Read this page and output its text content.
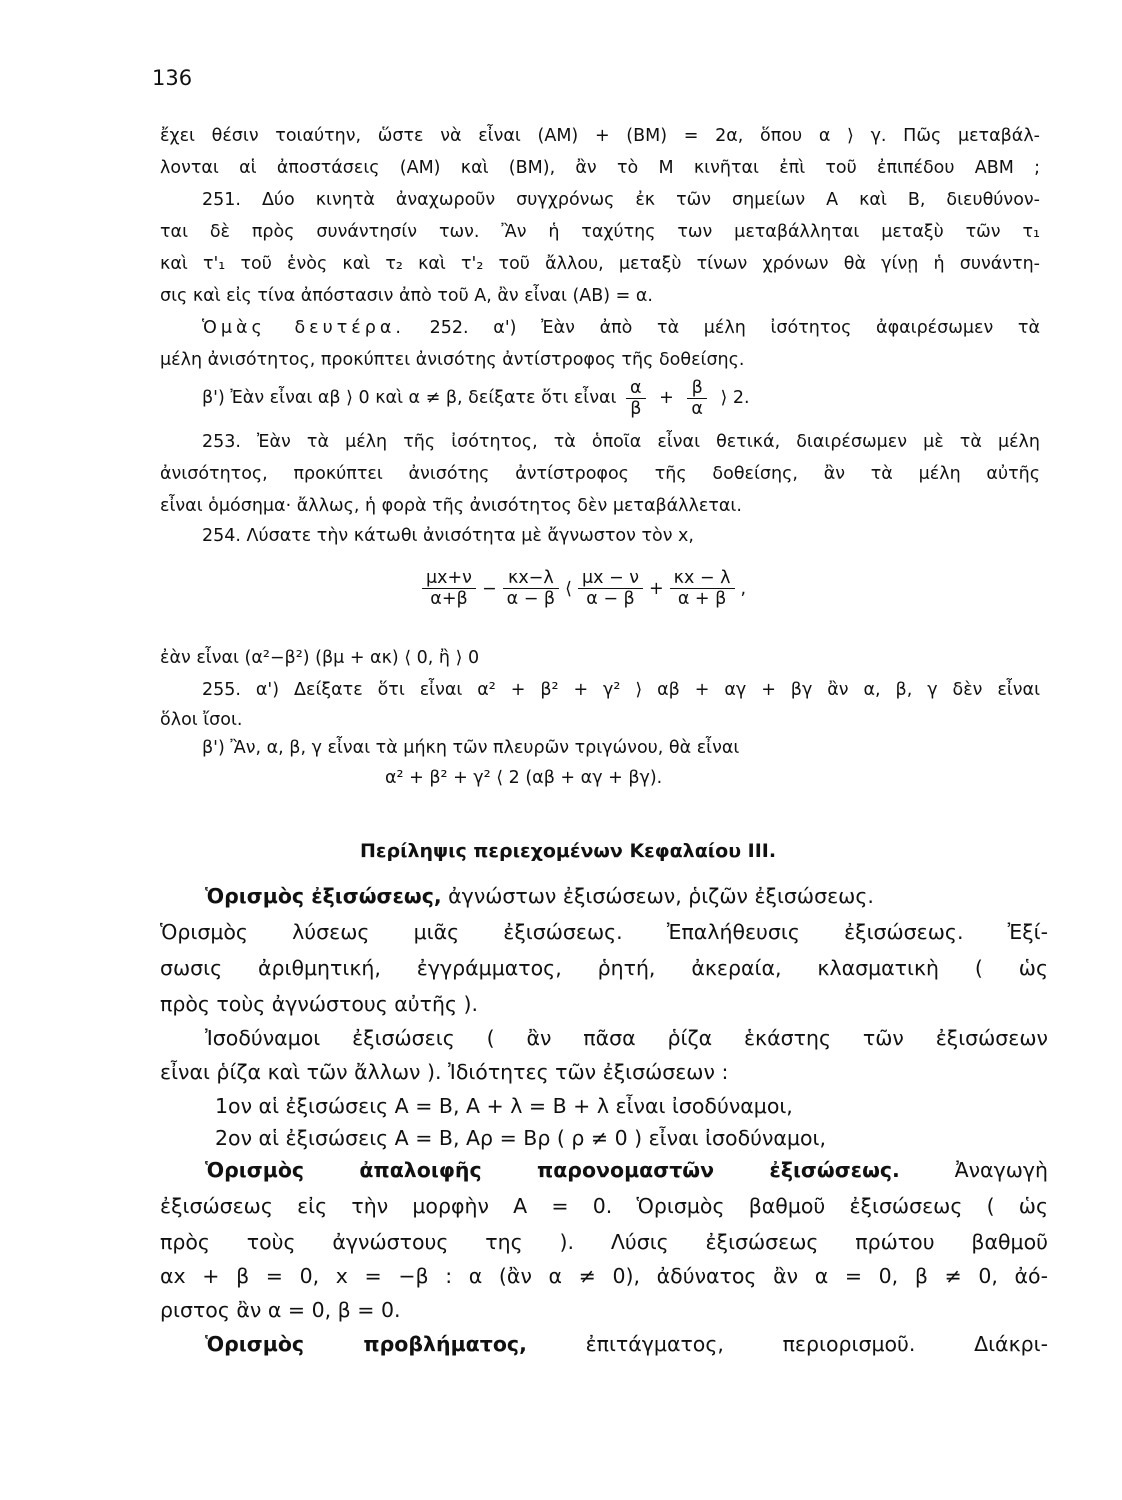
136
ἔχει θέσιν τοιαύτην, ὥστε νὰ εἶναι (AM) + (BM) = 2α, ὅπου α ⟩ γ. Πῶς μεταβάλ-
λονται αἱ ἀποστάσεις (AM) καὶ (BM), ἂν τὸ M κινῆται ἐπὶ τοῦ ἐπιπέδου ABM ;
251. Δύο κινητὰ ἀναχωροῦν συγχρόνως ἐκ τῶν σημείων A καὶ B, διευθύνον-
ται δὲ πρὸς συνάντησίν των. Ἂν ἡ ταχύτης των μεταβάλληται μεταξὺ τῶν τ₁
καὶ τ'₁ τοῦ ἑνὸς καὶ τ₂ καὶ τ'₂ τοῦ ἄλλου, μεταξὺ τίνων χρόνων θὰ γίνῃ ἡ συνάντη-
σις καὶ εἰς τίνα ἀπόστασιν ἀπὸ τοῦ A, ἂν εἶναι (AB) = α.
Ὁμὰς δευτέρα. 252. α') Ἐὰν ἀπὸ τὰ μέλη ἰσότητος ἀφαιρέσωμεν τὰ
μέλη ἀνισότητος, προκύπτει ἀνισότης ἀντίστροφος τῆς δοθείσης.
β') Ἐὰν εἶναι αβ ⟩ 0 καὶ α ≠ β, δείξατε ὅτι εἶναι $\frac{\alpha}{\beta} + \frac{\beta}{\alpha}$ ⟩ 2.
253. Ἐὰν τὰ μέλη τῆς ἰσότητος, τὰ ὁποῖα εἶναι θετικά, διαιρέσωμεν μὲ τὰ μέλη
ἀνισότητος, προκύπτει ἀνισότης ἀντίστροφος τῆς δοθείσης, ἂν τὰ μέλη αὐτῆς
εἶναι ὁμόσημα· ἄλλως, ἡ φορὰ τῆς ἀνισότητος δὲν μεταβάλλεται.
254. Λύσατε τὴν κάτωθι ἀνισότητα μὲ ἄγνωστον τὸν x,
$\frac{\mu x+\nu}{\alpha+\beta} - \frac{\kappa x-\lambda}{\alpha - \beta}$ ⟨ $\frac{\mu x - \nu}{\alpha - \beta} + \frac{\kappa x - \lambda}{\alpha + \beta}$ ,
ἐὰν εἶναι (α²−β²) (βμ + ακ) ⟨ 0, ἢ ⟩ 0
255. α') Δείξατε ὅτι εἶναι α² + β² + γ² ⟩ αβ + αγ + βγ ἂν α, β, γ δὲν εἶναι
ὅλοι ἴσοι.
β') Ἂν, α, β, γ εἶναι τὰ μήκη τῶν πλευρῶν τριγώνου, θὰ εἶναι
α² + β² + γ² ⟨ 2 (αβ + αγ + βγ).
Περίληψις περιεχομένων Κεφαλαίου III.
Ὁρισμὸς ἐξισώσεως, ἀγνώστων ἐξισώσεων, ῥιζῶν ἐξισώσεως.
Ὁρισμὸς λύσεως μιᾶς ἐξισώσεως. Ἐπαλήθευσις ἐξισώσεως. Ἐξί-
σωσις ἀριθμητική, ἐγγράμματος, ῥητή, ἀκεραία, κλασματικὴ ( ὡς
πρὸς τοὺς ἀγνώστους αὐτῆς ).
Ἰσοδύναμοι ἐξισώσεις ( ἂν πᾶσα ῥίζα ἑκάστης τῶν ἐξισώσεων
εἶναι ῥίζα καὶ τῶν ἄλλων ). Ἰδιότητες τῶν ἐξισώσεων :
1ον αἱ ἐξισώσεις A = B, A + λ = B + λ εἶναι ἰσοδύναμοι,
2ον αἱ ἐξισώσεις A = B, Aρ = Bρ ( ρ ≠ 0 ) εἶναι ἰσοδύναμοι,
Ὁρισμὸς ἀπαλοιφῆς παρονομαστῶν ἐξισώσεως. Ἀναγωγὴ
ἐξισώσεως εἰς τὴν μορφὴν A = 0. Ὁρισμὸς βαθμοῦ ἐξισώσεως ( ὡς
πρὸς τοὺς ἀγνώστους της ). Λύσις ἐξισώσεως πρώτου βαθμοῦ
αx + β = 0, x = −β : α (ἂν α ≠ 0), ἀδύνατος ἂν α = 0, β ≠ 0, ἀό-
ριστος ἂν α = 0, β = 0.
Ὁρισμὸς προβλήματος, ἐπιτάγματος, περιορισμοῦ. Διάκρι-
